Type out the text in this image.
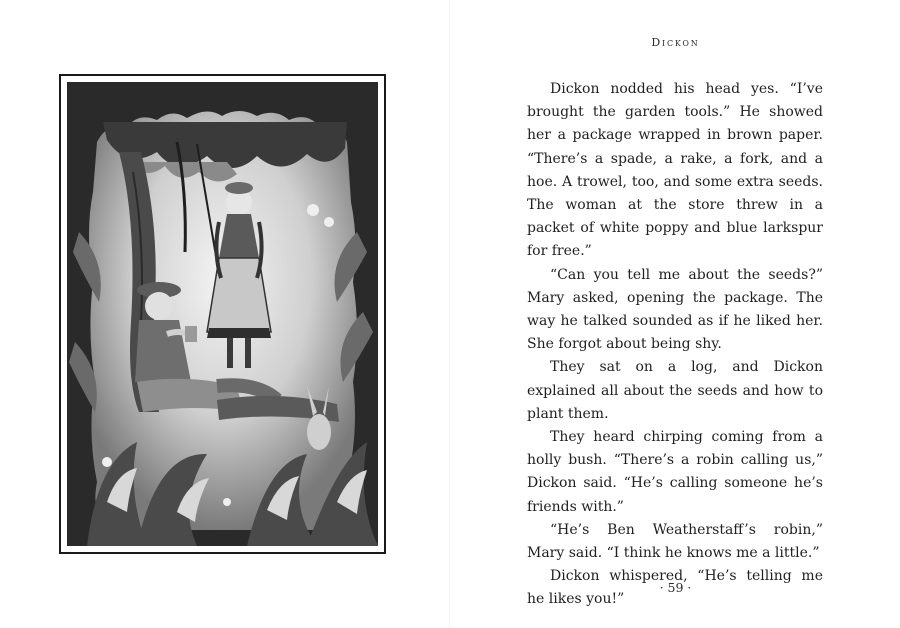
Dickon

Dickon nodded his head yes. “I’ve brought the garden tools.” He showed her a package wrapped in brown paper. “There’s a spade, a rake, a fork, and a hoe. A trowel, too, and some extra seeds. The woman at the store threw in a packet of white poppy and blue larkspur for free.”

“Can you tell me about the seeds?” Mary asked, opening the package. The way he talked sounded as if he liked her. She forgot about being shy.

They sat on a log, and Dickon explained all about the seeds and how to plant them.

They heard chirping coming from a holly bush. “There’s a robin calling us,” Dickon said. “He’s calling someone he’s friends with.”

“He’s Ben Weatherstaff’s robin,” Mary said. “I think he knows me a little.”

Dickon whispered, “He’s telling me he likes you!”

· 59 ·
